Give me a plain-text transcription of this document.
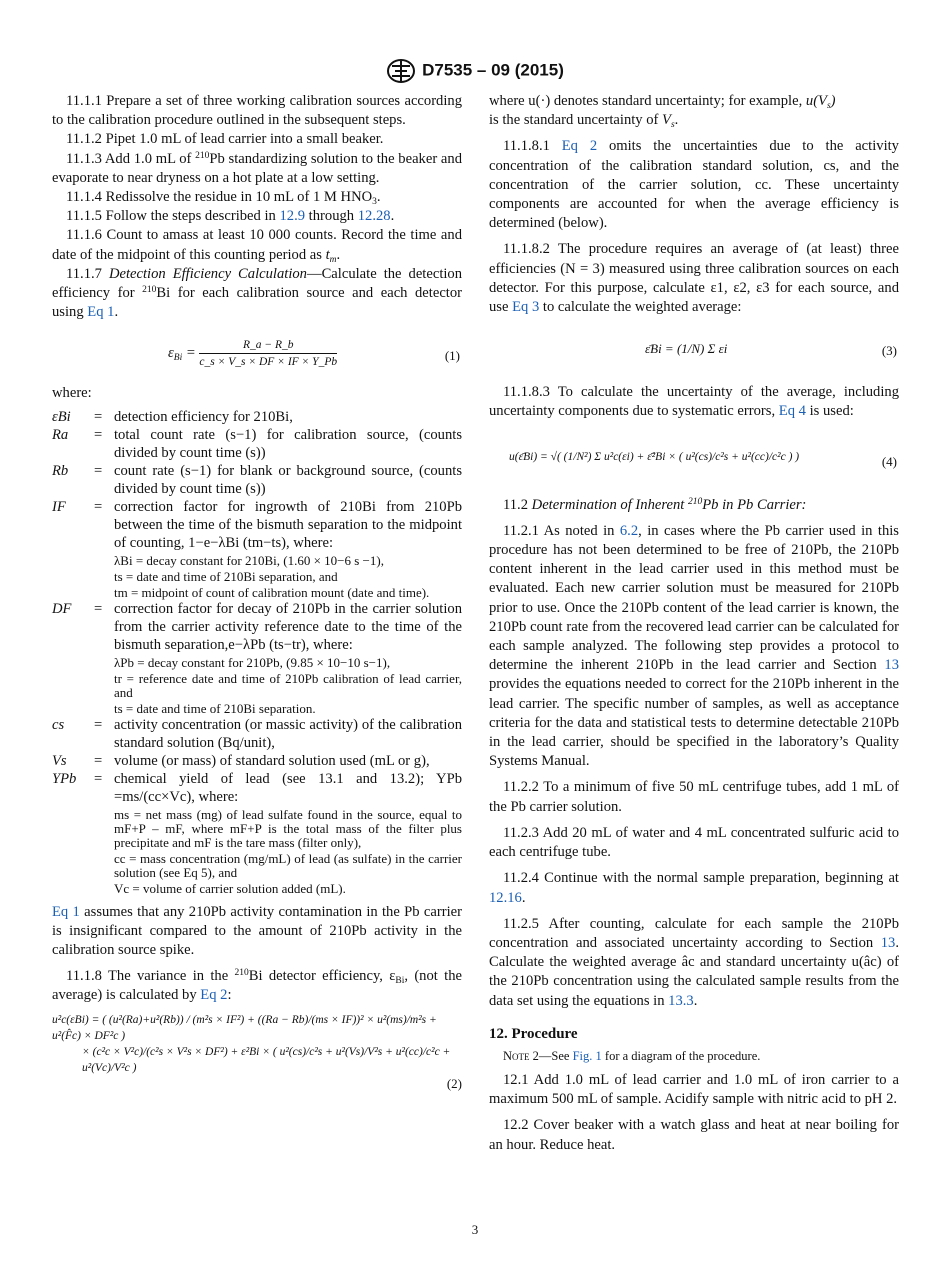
D7535 – 09 (2015)

11.1.1 Prepare a set of three working calibration sources according to the calibration procedure outlined in the subsequent steps.

11.1.2 Pipet 1.0 mL of lead carrier into a small beaker.

11.1.3 Add 1.0 mL of $^{210}$Pb standardizing solution to the beaker and evaporate to near dryness on a hot plate at a low setting.

11.1.4 Redissolve the residue in 10 mL of 1 M $HNO_3$.

11.1.5 Follow the steps described in 12.9 through 12.28.

11.1.6 Count to amass at least 10 000 counts. Record the time and date of the midpoint of this counting period as $t_m$.

11.1.7 Detection Efficiency Calculation—Calculate the detection efficiency for $^{210}$Bi for each calibration source and each detector using Eq 1.

$\varepsilon_{Bi} = \frac{R\_a - R\_b}{c\_s \times V\_s \times DF \times IF \times Y\_Pb}$	(1)

where:

εBi	=	detection efficiency for 210Bi,
Ra	=	total count rate (s−1) for calibration source, (counts divided by count time (s))
Rb	=	count rate (s−1) for blank or background source, (counts divided by count time (s))
IF	=	correction factor for ingrowth of 210Bi from 210Pb between the time of the bismuth separation to the midpoint of counting, 1−e−λBi (tm−ts), where:
λBi = decay constant for 210Bi, (1.60 × 10−6 s −1),
ts = date and time of 210Bi separation, and
tm = midpoint of count of calibration mount (date and time).

DF	=	correction factor for decay of 210Pb in the carrier solution from the carrier activity reference date to the time of the bismuth separation,e−λPb (ts−tr), where:
λPb = decay constant for 210Pb, (9.85 × 10−10 s−1),
tr = reference date and time of 210Pb calibration of lead carrier, and
ts = date and time of 210Bi separation.

cs	=	activity concentration (or massic activity) of the calibration standard solution (Bq/unit),
Vs	=	volume (or mass) of standard solution used (mL or g),
YPb	=	chemical yield of lead (see 13.1 and 13.2); YPb =ms/(cc×Vc), where:
ms = net mass (mg) of lead sulfate found in the source, equal to mF+P – mF, where mF+P is the total mass of the filter plus precipitate and mF is the tare mass (filter only),
cc = mass concentration (mg/mL) of lead (as sulfate) in the carrier solution (see Eq 5), and
Vc = volume of carrier solution added (mL).

Eq 1 assumes that any 210Pb activity contamination in the Pb carrier is insignificant compared to the amount of 210Pb activity in the calibration source spike.

11.1.8 The variance in the $^{210}$Bi detector efficiency, $\varepsilon_{Bi}$, (not the average) is calculated by Eq 2:

u²c(εBi) = ( (u²(Ra)+u²(Rb)) / (m²s × IF²) + ((Ra − Rb)/(ms × IF))² × u²(ms)/m²s + u²(F̂c) × DF²c )
× (c²c × V²c)/(c²s × V²s × DF²) + ε²Bi × ( u²(cs)/c²s + u²(Vs)/V²s + u²(cc)/c²c + u²(Vc)/V²c )
(2)

where u(·) denotes standard uncertainty; for example, $u(V_s)$
is the standard uncertainty of $V_s$.

11.1.8.1 Eq 2 omits the uncertainties due to the activity concentration of the calibration standard solution, cs, and the concentration of the carrier solution, cc. These uncertainty components are accounted for when the average efficiency is determined (below).

11.1.8.2 The procedure requires an average of (at least) three efficiencies (N = 3) measured using three calibration sources on each detector. For this purpose, calculate ε1, ε2, ε3 for each source, and use Eq 3 to calculate the weighted average:

ε̄Bi = (1/N) Σ εi	(3)

11.1.8.3 To calculate the uncertainty of the average, including uncertainty components due to systematic errors, Eq 4 is used:

u(ε̄Bi) = √( (1/N²) Σ u²c(εi) + ε̄²Bi × ( u²(cs)/c²s + u²(cc)/c²c ) )	(4)

11.2 Determination of Inherent $^{210}$Pb in Pb Carrier:

11.2.1 As noted in 6.2, in cases where the Pb carrier used in this procedure has not been determined to be free of 210Pb, the 210Pb content inherent in the lead carrier used in this method must be evaluated. Each new carrier solution must be measured for 210Pb prior to use. Once the 210Pb content of the lead carrier is known, the 210Pb count rate from the recovered lead carrier can be calculated for each sample analyzed. The following step provides a protocol to determine the inherent 210Pb in the lead carrier and Section 13 provides the equations needed to correct for the 210Pb inherent in the lead carrier. The specific number of samples, as well as acceptance criteria for the data and statistical tests to determine detectable 210Pb in the lead carrier, should be specified in the laboratory’s Quality Systems Manual.

11.2.2 To a minimum of five 50 mL centrifuge tubes, add 1 mL of the Pb carrier solution.

11.2.3 Add 20 mL of water and 4 mL concentrated sulfuric acid to each centrifuge tube.

11.2.4 Continue with the normal sample preparation, beginning at 12.16.

11.2.5 After counting, calculate for each sample the 210Pb concentration and associated uncertainty according to Section 13. Calculate the weighted average âc and standard uncertainty u(âc) of the 210Pb concentration using the calculated sample results from the data set using the equations in 13.3.

12. Procedure

Note 2—See Fig. 1 for a diagram of the procedure.

12.1 Add 1.0 mL of lead carrier and 1.0 mL of iron carrier to a maximum 500 mL of sample. Acidify sample with nitric acid to pH 2.

12.2 Cover beaker with a watch glass and heat at near boiling for an hour. Reduce heat.

3
